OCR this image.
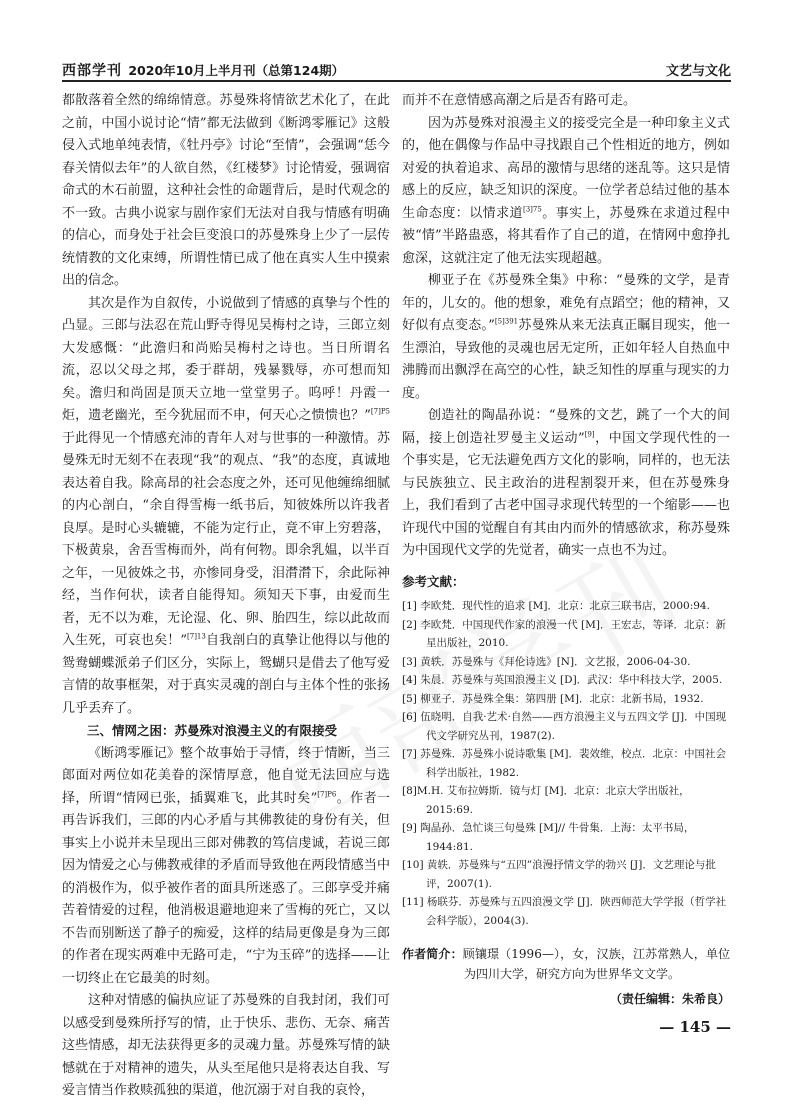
西部学刊 2020年10月上半月刊（总第124期）	文艺与文化

都散落着全然的绵绵情意。苏曼殊将情欲艺术化了，在此之前，中国小说讨论“情”都无法做到《断鸿零雁记》这般侵入式地单纯表情，《牡丹亭》讨论“至情”，会强调“恁今春关情似去年”的人欲自然，《红楼梦》讨论情爱，强调宿命式的木石前盟，这种社会性的命题背后，是时代观念的不一致。古典小说家与剧作家们无法对自我与情感有明确的信心，而身处于社会巨变浪口的苏曼殊身上少了一层传统情教的文化束缚，所谓性情已成了他在真实人生中摸索出的信念。

其次是作为自叙传，小说做到了情感的真挚与个性的凸显。三郎与法忍在荒山野寺得见吴梅村之诗，三郎立刻大发感慨：“此澹归和尚贻吴梅村之诗也。当日所谓名流，忍以父母之邦，委于群胡，残暴戮辱，亦可想而知矣。澹归和尚固是顶天立地一堂堂男子。呜呼！丹霞一炬，遗老幽光，至今犹屈而不申，何天心之愦愦也？”$^{[7]P5}$于此得见一个情感充沛的青年人对与世事的一种激情。苏曼殊无时无刻不在表现“我”的观点、“我”的态度，真诚地表达着自我。除高昂的社会态度之外，还可见他缠绵细腻的内心剖白，“余自得雪梅一纸书后，知彼姝所以许我者良厚。是时心头辘辘，不能为定行止，竟不审上穷碧落，下极黄泉，舍吾雪梅而外，尚有何物。即余乳媪，以半百之年，一见彼姝之书，亦惨同身受，泪潸潸下，余此际神经，当作何状，读者自能得知。须知天下事，由爱而生者，无不以为难，无论湿、化、卵、胎四生，综以此故而入生死，可哀也矣！”$^{[7]13}$自我剖白的真挚让他得以与他的鸳鸯蝴蝶派弟子们区分，实际上，鸳蝴只是借去了他写爱言情的故事框架，对于真实灵魂的剖白与主体个性的张扬几乎丢弃了。

三、情网之困：苏曼殊对浪漫主义的有限接受

《断鸿零雁记》整个故事始于寻情，终于情断，当三郎面对两位如花美眷的深情厚意，他自觉无法回应与选择，所谓“情网已张，插翼难飞，此其时矣”$^{[7]P6}$。作者一再告诉我们，三郎的内心矛盾与其佛教徒的身份有关，但事实上小说并未呈现出三郎对佛教的笃信虔诚，若说三郎因为情爱之心与佛教戒律的矛盾而导致他在两段情感当中的消极作为，似乎被作者的面具所迷惑了。三郎享受并痛苦着情爱的过程，他消极退避地迎来了雪梅的死亡，又以不告而别断送了静子的痴爱，这样的结局更像是身为三郎的作者在现实两难中无路可走，“宁为玉碎”的选择——让一切终止在它最美的时刻。

这种对情感的偏执应证了苏曼殊的自我封闭，我们可以感受到曼殊所抒写的情，止于快乐、悲伤、无奈、痛苦这些情感，却无法获得更多的灵魂力量。苏曼殊写情的缺憾就在于对精神的遗失，从头至尾他只是将表达自我、写爱言情当作救赎孤独的渠道，他沉溺于对自我的哀怜，

而并不在意情感高潮之后是否有路可走。

因为苏曼殊对浪漫主义的接受完全是一种印象主义式的，他在偶像与作品中寻找跟自己个性相近的地方，例如对爱的执着追求、高昂的激情与思绪的迷乱等。这只是情感上的反应，缺乏知识的深度。一位学者总结过他的基本生命态度：以情求道$^{[3]75}$。事实上，苏曼殊在求道过程中被“情”半路蛊惑，将其看作了自己的道，在情网中愈挣扎愈深，这就注定了他无法实现超越。

柳亚子在《苏曼殊全集》中称：“曼殊的文学，是青年的，儿女的。他的想象，难免有点蹈空；他的精神，又好似有点变态。”$^{[5]391}$苏曼殊从来无法真正瞩目现实，他一生漂泊，导致他的灵魂也居无定所，正如年轻人自热血中沸腾而出飘浮在高空的心性，缺乏知性的厚重与现实的力度。

创造社的陶晶孙说：“曼殊的文艺，跳了一个大的间隔，接上创造社罗曼主义运动”[9]，中国文学现代性的一个事实是，它无法避免西方文化的影响，同样的，也无法与民族独立、民主政治的进程割裂开来，但在苏曼殊身上，我们看到了古老中国寻求现代转型的一个缩影——也许现代中国的觉醒自有其由内而外的情感欲求，称苏曼殊为中国现代文学的先觉者，确实一点也不为过。

参考文献：
[1] 李欧梵．现代性的追求 [M]．北京：北京三联书店，2000:94.
[2] 李欧梵．中国现代作家的浪漫一代 [M]．王宏志，等译．北京：新星出版社，2010.
[3] 黄轶．苏曼殊与《拜伦诗选》[N]．文艺报，2006-04-30.
[4] 朱晨．苏曼殊与英国浪漫主义 [D]．武汉：华中科技大学，2005.
[5] 柳亚子．苏曼殊全集：第四册 [M]．北京：北新书局，1932.
[6] 伍晓明．自我·艺术·自然——西方浪漫主义与五四文学 [J]．中国现代文学研究丛刊，1987(2).
[7] 苏曼殊．苏曼殊小说诗歌集 [M]．裴效维，校点．北京：中国社会科学出版社，1982.
[8]M.H. 艾布拉姆斯．镜与灯 [M]．北京：北京大学出版社，2015:69.
[9] 陶晶孙．急忙谈三句曼殊 [M]// 牛骨集．上海：太平书局，1944:81.
[10] 黄轶．苏曼殊与“五四”浪漫抒情文学的勃兴 [J]．文艺理论与批评，2007(1).
[11] 杨联芬．苏曼殊与五四浪漫文学 [J]．陕西师范大学学报（哲学社会科学版），2004(3).
作者简介：顾镶璟（1996—），女，汉族，江苏常熟人，单位为四川大学，研究方向为世界华文文学。
（责任编辑：朱希良）
— 145 —
